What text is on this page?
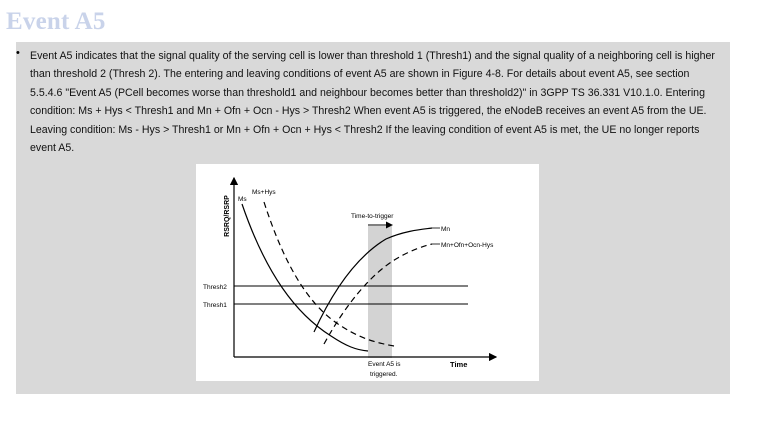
Event A5
• Event A5 indicates that the signal quality of the serving cell is lower than threshold 1 (Thresh1) and the signal quality of a neighboring cell is higher than threshold 2 (Thresh 2). The entering and leaving conditions of event A5 are shown in Figure 4-8. For details about event A5, see section 5.5.4.6 "Event A5 (PCell becomes worse than threshold1 and neighbour becomes better than threshold2)" in 3GPP TS 36.331 V10.1.0. Entering condition: Ms + Hys < Thresh1 and Mn + Ofn + Ocn - Hys > Thresh2 When event A5 is triggered, the eNodeB receives an event A5 from the UE. Leaving condition: Ms - Hys > Thresh1 or Mn + Ofn + Ocn + Hys < Thresh2 If the leaving condition of event A5 is met, the UE no longer reports event A5.

RSRQ/RSRP Ms
Ms+Hys
Time-to-trigger
Mn
Mn+Ofn+Ocn-Hys
Thresh2
Thresh1
Event A5 is
triggered.
Time
